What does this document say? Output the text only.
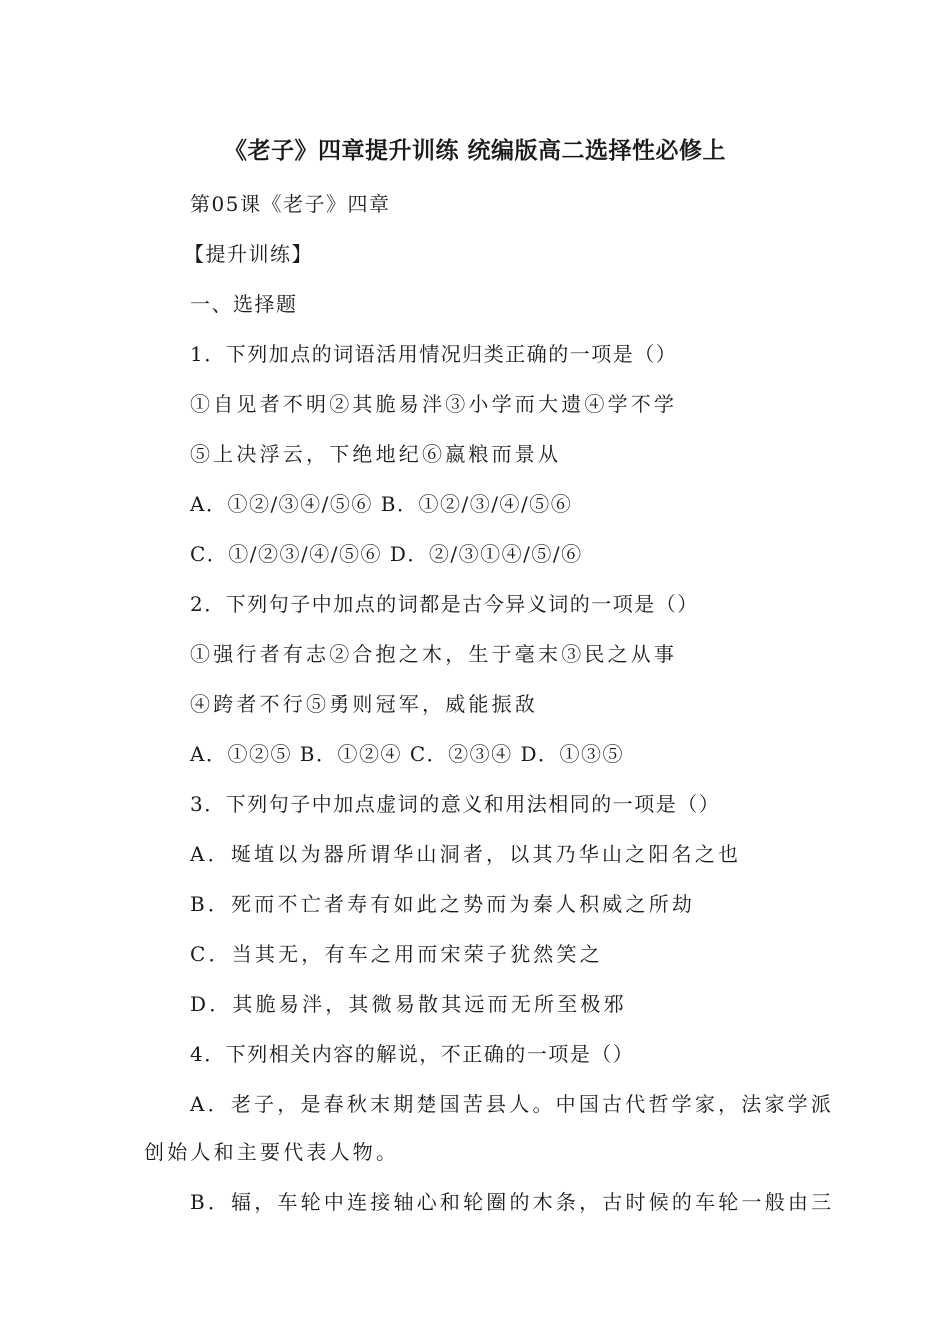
《老子》四章提升训练 统编版高二选择性必修上
第05课《老子》四章
【提升训练】
一、选择题
1．下列加点的词语活用情况归类正确的一项是（）
①自见者不明②其脆易泮③小学而大遗④学不学
⑤上决浮云，下绝地纪⑥嬴粮而景从
A．①②/③④/⑤⑥ B．①②/③/④/⑤⑥
C．①/②③/④/⑤⑥ D．②/③①④/⑤/⑥
2．下列句子中加点的词都是古今异义词的一项是（）
①强行者有志②合抱之木，生于毫末③民之从事
④跨者不行⑤勇则冠军，威能振敌
A．①②⑤ B．①②④ C．②③④ D．①③⑤
3．下列句子中加点虚词的意义和用法相同的一项是（）
A．埏埴以为器所谓华山洞者，以其乃华山之阳名之也
B．死而不亡者寿有如此之势而为秦人积威之所劫
C．当其无，有车之用而宋荣子犹然笑之
D．其脆易泮，其微易散其远而无所至极邪
4．下列相关内容的解说，不正确的一项是（）
A．老子，是春秋末期楚国苦县人。中国古代哲学家，法家学派
创始人和主要代表人物。
B．辐，车轮中连接轴心和轮圈的木条，古时候的车轮一般由三
